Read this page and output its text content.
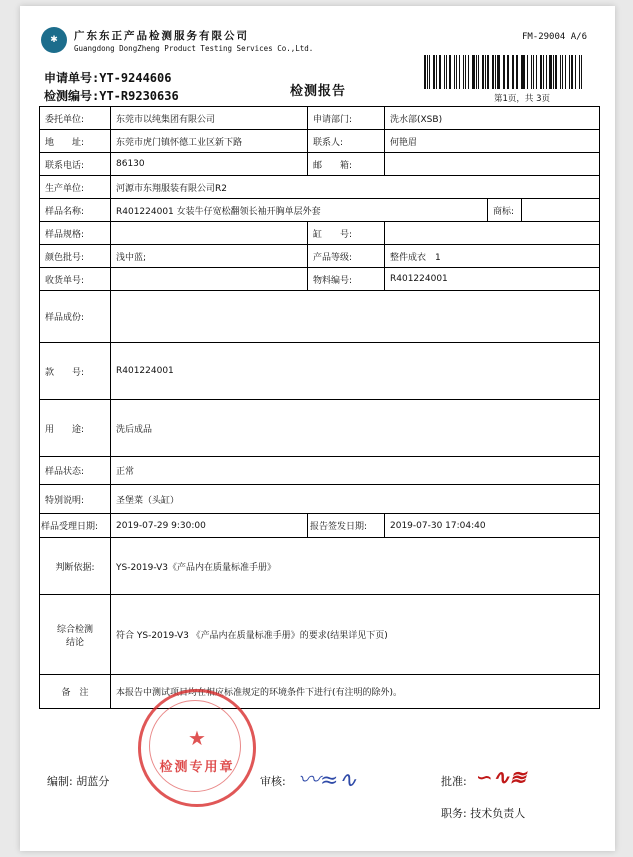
✱	广东东正产品检测服务有限公司
Guangdong DongZheng Product Testing Services Co.,Ltd.
FM-29004 A/6
第1页，共 3页
申请单号:YT-9244606
检测编号:YT-R9230636	检测报告
委托单位:	东莞市以纯集团有限公司	申请部门:	洗水部(XSB)		
地　　址:	东莞市虎门镇怀德工业区新下路	联系人:	何艳眉		
联系电话:	86130	邮　　箱:			
生产单位:	河源市东翔服装有限公司R2				
样品名称:	R401224001 女装牛仔宽松翻领长袖开胸单层外套			商标:	
样品规格:		缸　　号:			
颜色批号:	浅中蓝;	产品等级:	整件成衣　1		
收货单号:		物料编号:	R401224001		
样品成份:					
款　　号:	R401224001				
用　　途:	洗后成品				
样品状态:	正常				
特别说明:	圣堡菜（头缸）				
样品受理日期:	2019-07-29 9:30:00	报告签发日期:	2019-07-30 17:04:40		
判断依据:	YS-2019-V3《产品内在质量标准手册》				

综合检测
结论	符合 YS-2019-V3 《产品内在质量标准手册》的要求(结果详见下页)				
备　注	本报告中测试项目均在相应标准规定的环境条件下进行(有注明的除外)。				
★
检测专用章
编制: 胡蓝分	审核: 〰≈∿	批准: ∽∿≋
职务: 技术负责人
